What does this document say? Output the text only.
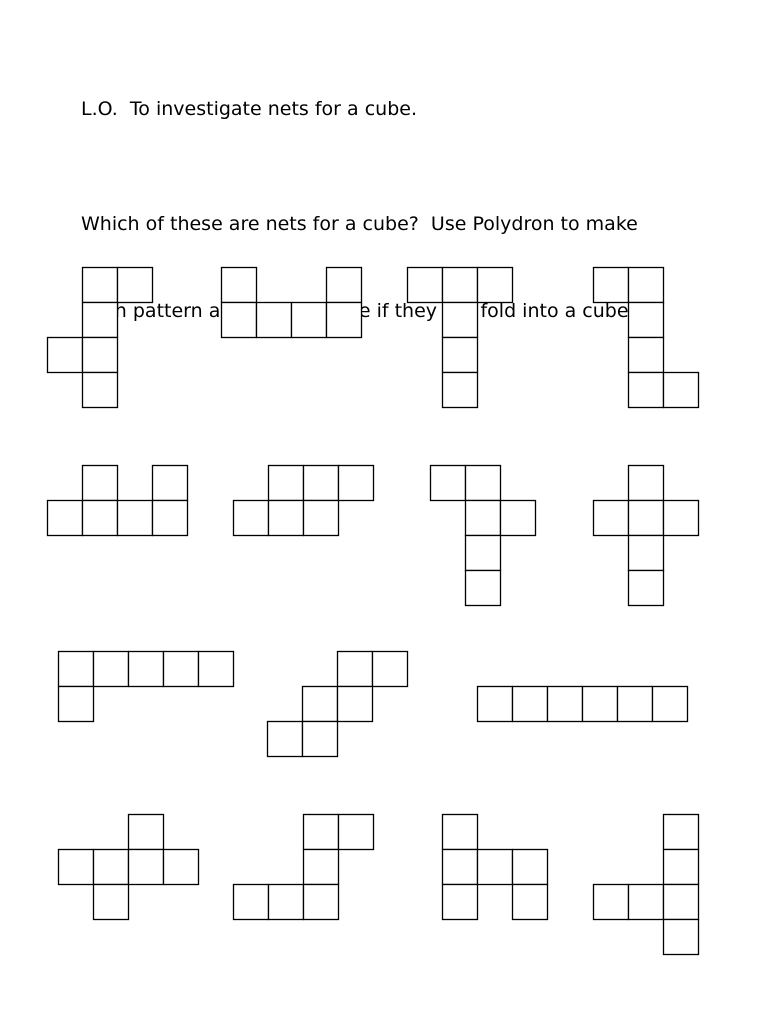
L.O.  To investigate nets for a cube.

Which of these are nets for a cube?  Use Polydron to make

pattern     if they  fold into a cube.
